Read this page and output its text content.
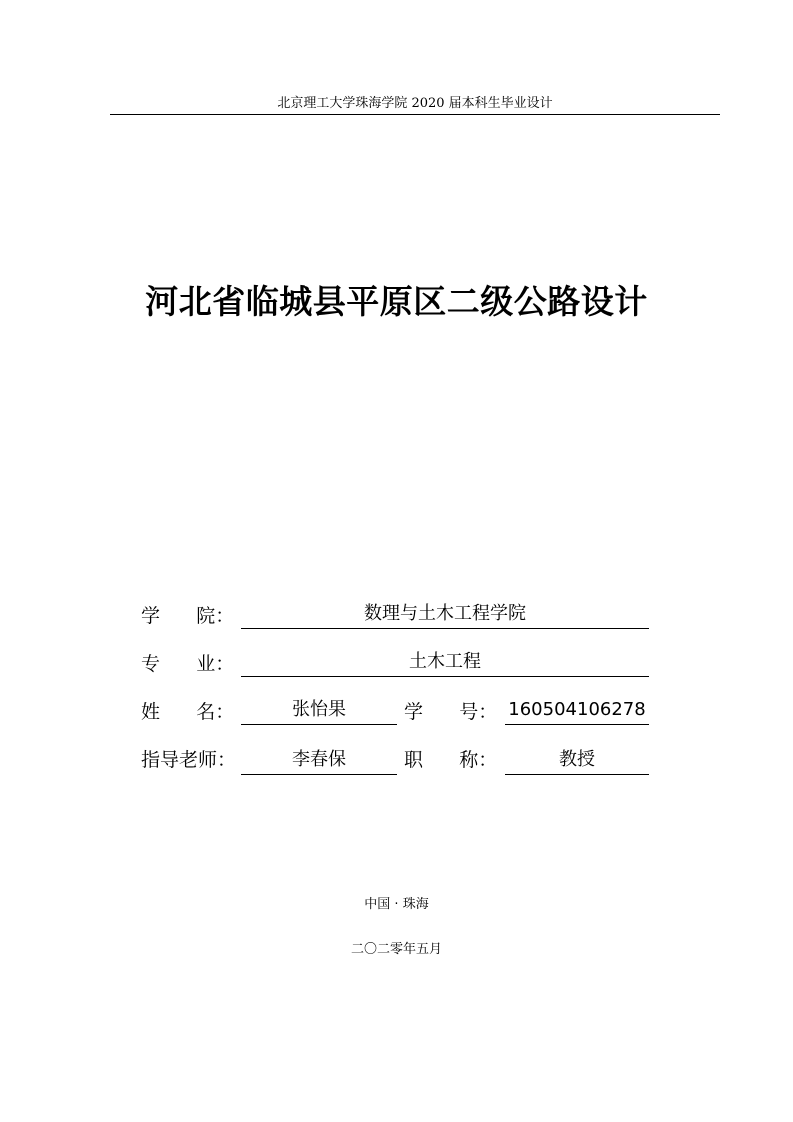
北京理工大学珠海学院 2020 届本科生毕业设计
河北省临城县平原区二级公路设计
学      院：	数理与土木工程学院
专      业：	土木工程
姓      名：	张怡果	学      号： 160504106278
指导老师：	李春保	职      称：	教授
中国 · 珠海
二〇二零年五月
